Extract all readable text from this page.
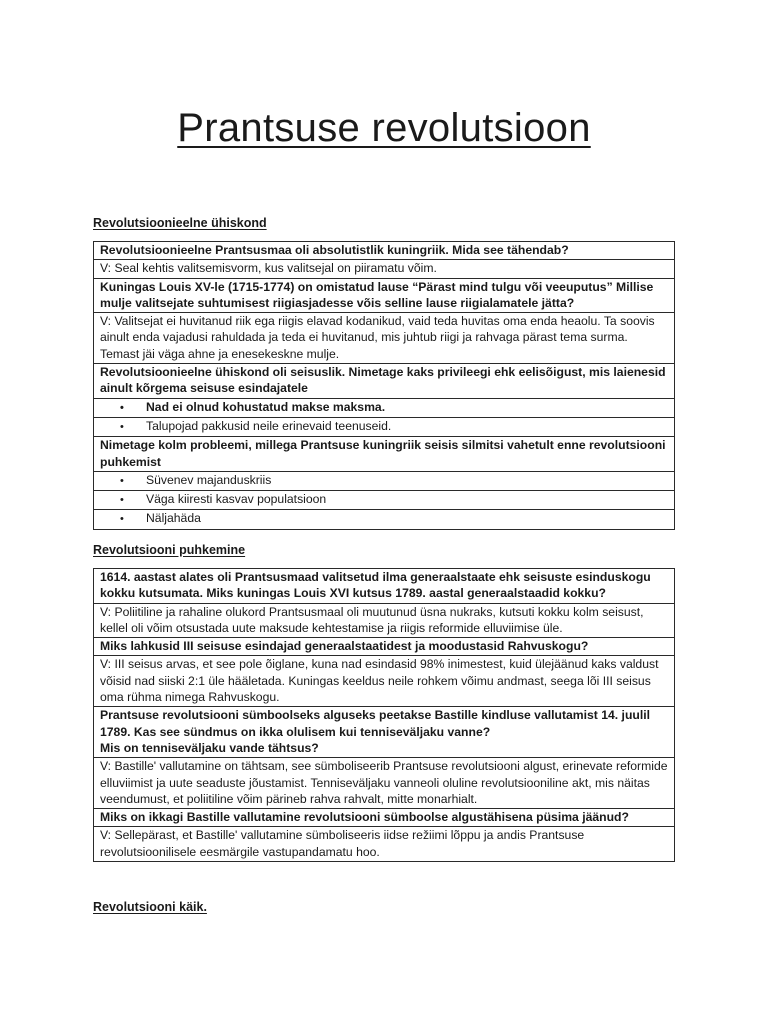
Prantsuse revolutsioon
Revolutsioonieelne ühiskond
Revolutsioonieelne Prantsusmaa oli absolutistlik kuningriik. Mida see tähendab?
V: Seal kehtis valitsemisvorm, kus valitsejal on piiramatu võim.
Kuningas Louis XV-le (1715-1774) on omistatud lause “Pärast mind tulgu või veeuputus” Millise mulje valitsejate suhtumisest riigiasjadesse võis selline lause riigialamatele jätta?
V: Valitsejat ei huvitanud riik ega riigis elavad kodanikud, vaid teda huvitas oma enda heaolu. Ta soovis ainult enda vajadusi rahuldada ja teda ei huvitanud, mis juhtub riigi ja rahvaga pärast tema surma. Temast jäi väga ahne ja enesekeskne mulje.
Revolutsioonieelne ühiskond oli seisuslik. Nimetage kaks privileegi ehk eelisõigust, mis laienesid ainult kõrgema seisuse esindajatele
• Nad ei olnud kohustatud makse maksma.
• Talupojad pakkusid neile erinevaid teenuseid.
Nimetage kolm probleemi, millega Prantsuse kuningriik seisis silmitsi vahetult enne revolutsiooni puhkemist
• Süvenev majanduskriis
• Väga kiiresti kasvav populatsioon
• Näljahäda
Revolutsiooni puhkemine
1614. aastast alates oli Prantsusmaad valitsetud ilma generaalstaate ehk seisuste esinduskogu kokku kutsumata. Miks kuningas Louis XVI kutsus 1789. aastal generaalstaadid kokku?
V: Poliitiline ja rahaline olukord Prantsusmaal oli muutunud üsna nukraks, kutsuti kokku kolm seisust, kellel oli võim otsustada uute maksude kehtestamise ja riigis reformide elluviimise üle.
Miks lahkusid III seisuse esindajad generaalstaatidest ja moodustasid Rahvuskogu?
V: III seisus arvas, et see pole õiglane, kuna nad esindasid 98% inimestest, kuid ülejäänud kaks valdust võisid nad siiski 2:1 üle hääletada. Kuningas keeldus neile rohkem võimu andmast, seega lõi III seisus oma rühma nimega Rahvuskogu.
Prantsuse revolutsiooni sümboolseks alguseks peetakse Bastille kindluse vallutamist 14. juulil 1789. Kas see sündmus on ikka olulisem kui tenniseväljaku vanne?
Mis on tenniseväljaku vande tähtsus?
V: Bastille' vallutamine on tähtsam, see sümboliseerib Prantsuse revolutsiooni algust, erinevate reformide elluviimist ja uute seaduste jõustamist. Tenniseväljaku vanneoli oluline revolutsiooniline akt, mis näitas veendumust, et poliitiline võim pärineb rahva rahvalt, mitte monarhialt.
Miks on ikkagi Bastille vallutamine revolutsiooni sümboolse algustähisena püsima jäänud?
V: Sellepärast, et Bastille' vallutamine sümboliseeris iidse režiimi lõppu ja andis Prantsuse revolutsioonilisele eesmärgile vastupandamatu hoo.
Revolutsiooni käik.
